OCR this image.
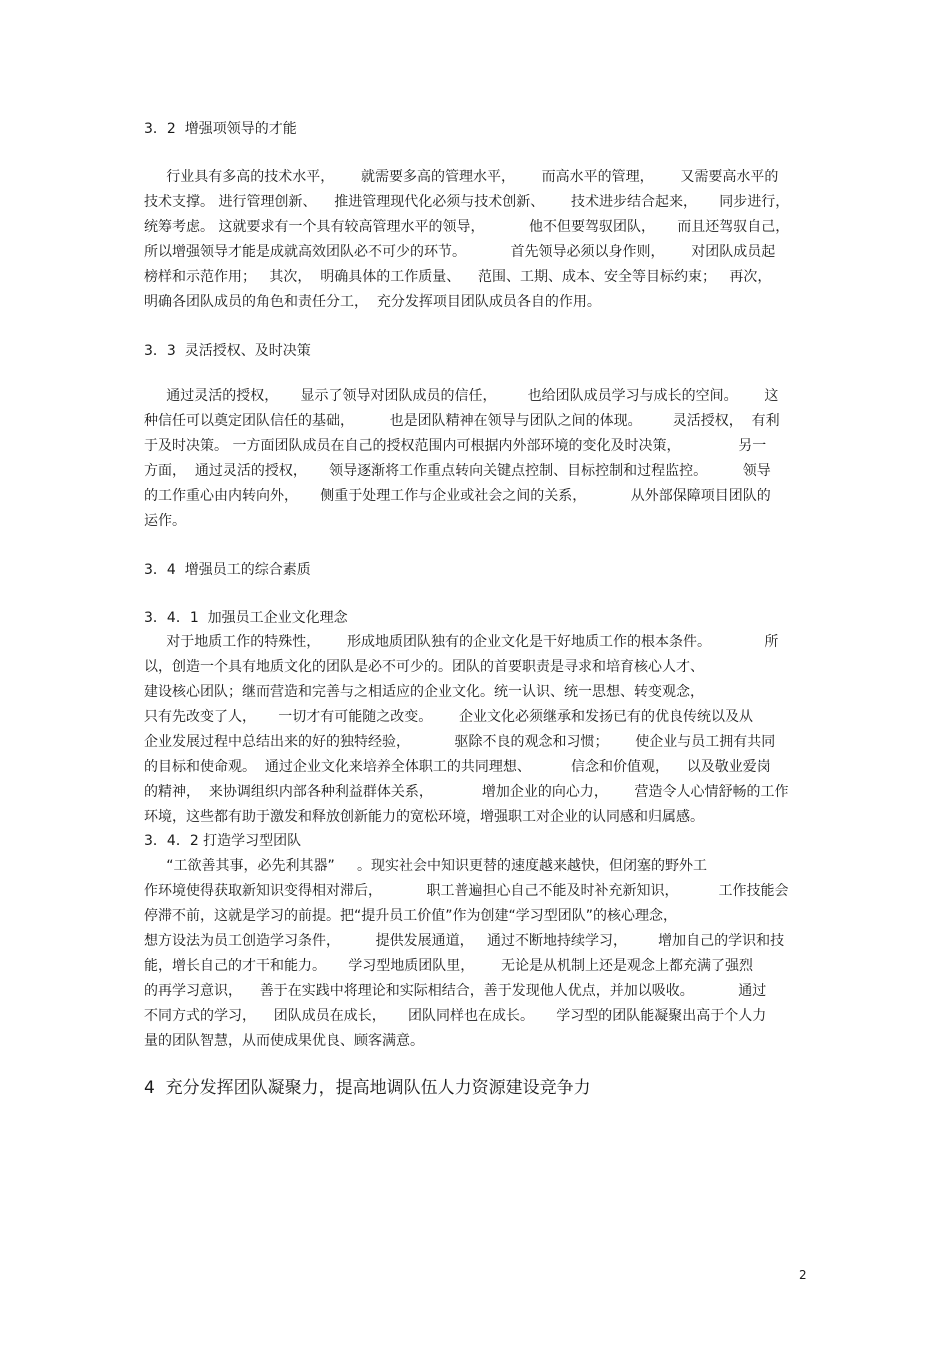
3．2  增强项领导的才能
行业具有多高的技术水平，      就需要多高的管理水平，      而高水平的管理，      又需要高水平的
技术支撑。 进行管理创新、    推进管理现代化必须与技术创新、      技术进步结合起来，     同步进行，
统筹考虑。 这就要求有一个具有较高管理水平的领导，          他不但要驾驭团队，     而且还驾驭自己，
所以增强领导才能是成就高效团队必不可少的环节。          首先领导必须以身作则，      对团队成员起
榜样和示范作用；   其次，  明确具体的工作质量、    范围、工期、成本、安全等目标约束；   再次，
明确各团队成员的角色和责任分工，  充分发挥项目团队成员各自的作用。
3．3  灵活授权、及时决策
通过灵活的授权，     显示了领导对团队成员的信任，       也给团队成员学习与成长的空间。      这
种信任可以奠定团队信任的基础，        也是团队精神在领导与团队之间的体现。       灵活授权，  有利
于及时决策。 一方面团队成员在自己的授权范围内可根据内外部环境的变化及时决策，             另一
方面，  通过灵活的授权，     领导逐渐将工作重点转向关键点控制、目标控制和过程监控。        领导
的工作重心由内转向外，     侧重于处理工作与企业或社会之间的关系，          从外部保障项目团队的
运作。
3．4  增强员工的综合素质
3．4．1  加强员工企业文化理念
对于地质工作的特殊性，      形成地质团队独有的企业文化是干好地质工作的根本条件。            所
以，创造一个具有地质文化的团队是必不可少的。团队的首要职责是寻求和培育核心人才、
建设核心团队；继而营造和完善与之相适应的企业文化。统一认识、统一思想、转变观念，
只有先改变了人，     一切才有可能随之改变。      企业文化必须继承和发扬已有的优良传统以及从
企业发展过程中总结出来的好的独特经验，          驱除不良的观念和习惯；      使企业与员工拥有共同
的目标和使命观。  通过企业文化来培养全体职工的共同理想、         信念和价值观，    以及敬业爱岗
的精神，  来协调组织内部各种利益群体关系，           增加企业的向心力，      营造令人心情舒畅的工作
环境，这些都有助于激发和释放创新能力的宽松环境，增强职工对企业的认同感和归属感。
3．4．2 打造学习型团队
“工欲善其事，必先利其器”     。现实社会中知识更替的速度越来越快，但闭塞的野外工
作环境使得获取新知识变得相对滞后，          职工普遍担心自己不能及时补充新知识，         工作技能会
停滞不前，这就是学习的前提。把“提升员工价值”作为创建“学习型团队”的核心理念，
想方设法为员工创造学习条件，        提供发展通道，   通过不断地持续学习，       增加自己的学识和技
能，增长自己的才干和能力。     学习型地质团队里，      无论是从机制上还是观念上都充满了强烈
的再学习意识，    善于在实践中将理论和实际相结合，善于发现他人优点，并加以吸收。          通过
不同方式的学习，    团队成员在成长，     团队同样也在成长。     学习型的团队能凝聚出高于个人力
量的团队智慧，从而使成果优良、顾客满意。
4  充分发挥团队凝聚力，提高地调队伍人力资源建设竞争力
2
